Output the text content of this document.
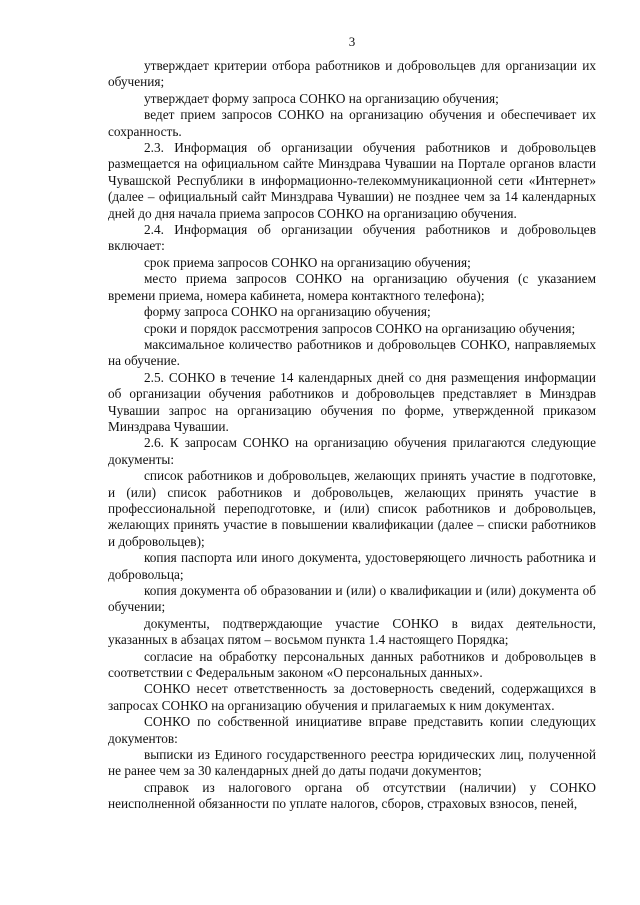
3

утверждает критерии отбора работников и добровольцев для организации их обучения;

утверждает форму запроса СОНКО на организацию обучения;

ведет прием запросов СОНКО на организацию обучения и обеспечивает их сохранность.

2.3. Информация об организации обучения работников и добровольцев размещается на официальном сайте Минздрава Чувашии на Портале органов власти Чувашской Республики в информационно-телекоммуникационной сети «Интернет» (далее – официальный сайт Минздрава Чувашии) не позднее чем за 14 календарных дней до дня начала приема запросов СОНКО на организацию обучения.

2.4. Информация об организации обучения работников и добровольцев включает:

срок приема запросов СОНКО на организацию обучения;

место приема запросов СОНКО на организацию обучения (с указанием времени приема, номера кабинета, номера контактного телефона);

форму запроса СОНКО на организацию обучения;

сроки и порядок рассмотрения запросов СОНКО на организацию обучения;

максимальное количество работников и добровольцев СОНКО, направляемых на обучение.

2.5. СОНКО в течение 14 календарных дней со дня размещения информации об организации обучения работников и добровольцев представляет в Минздрав Чувашии запрос на организацию обучения по форме, утвержденной приказом Минздрава Чувашии.

2.6. К запросам СОНКО на организацию обучения прилагаются следующие документы:

список работников и добровольцев, желающих принять участие в подготовке, и (или) список работников и добровольцев, желающих принять участие в профессиональной переподготовке, и (или) список работников и добровольцев, желающих принять участие в повышении квалификации (далее – списки работников и добровольцев);

копия паспорта или иного документа, удостоверяющего личность работника и добровольца;

копия документа об образовании и (или) о квалификации и (или) документа об обучении;

документы, подтверждающие участие СОНКО в видах деятельности, указанных в абзацах пятом – восьмом пункта 1.4 настоящего Порядка;

согласие на обработку персональных данных работников и добровольцев в соответствии с Федеральным законом «О персональных данных».

СОНКО несет ответственность за достоверность сведений, содержащихся в запросах СОНКО на организацию обучения и прилагаемых к ним документах.

СОНКО по собственной инициативе вправе представить копии следующих документов:

выписки из Единого государственного реестра юридических лиц, полученной не ранее чем за 30 календарных дней до даты подачи документов;

справок из налогового органа об отсутствии (наличии) у СОНКО неисполненной обязанности по уплате налогов, сборов, страховых взносов, пеней,
